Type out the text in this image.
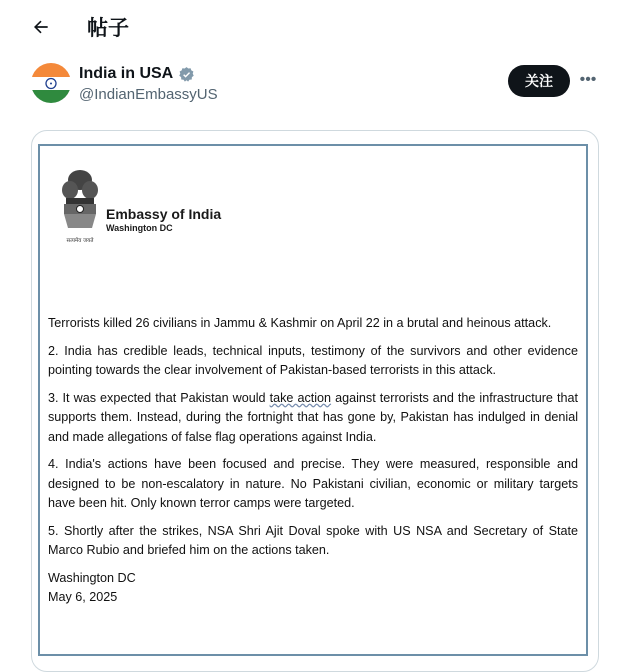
帖子
India in USA
@IndianEmbassyUS
关注	•••
सत्यमेव जयते
Embassy of India
Washington DC

Terrorists killed 26 civilians in Jammu & Kashmir on April 22 in a brutal and heinous attack.

2. India has credible leads, technical inputs, testimony of the survivors and other evidence pointing towards the clear involvement of Pakistan-based terrorists in this attack.

3. It was expected that Pakistan would take action against terrorists and the infrastructure that supports them. Instead, during the fortnight that has gone by, Pakistan has indulged in denial and made allegations of false flag operations against India.

4. India's actions have been focused and precise. They were measured, responsible and designed to be non-escalatory in nature. No Pakistani civilian, economic or military targets have been hit. Only known terror camps were targeted.

5. Shortly after the strikes, NSA Shri Ajit Doval spoke with US NSA and Secretary of State Marco Rubio and briefed him on the actions taken.

Washington DC
May 6, 2025
